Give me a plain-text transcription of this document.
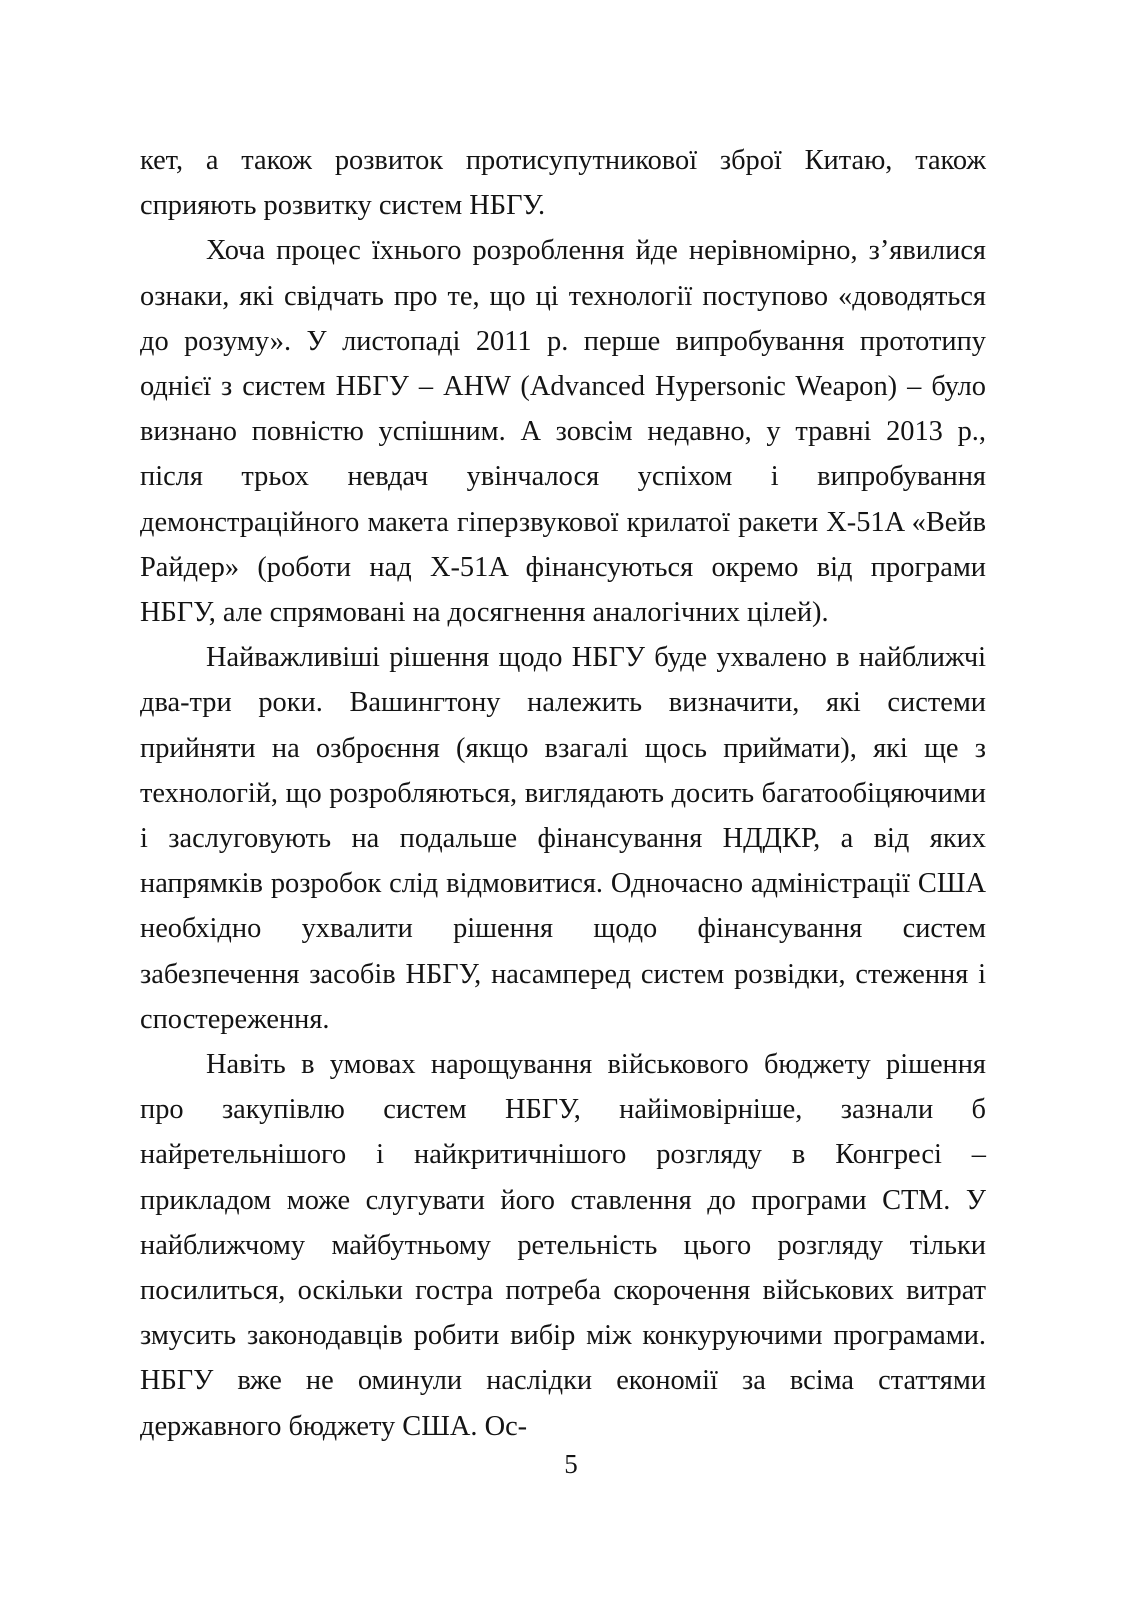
кет, а також розвиток протисупутникової зброї Китаю, також сприяють розвитку систем НБГУ.

Хоча процес їхнього розроблення йде нерівномірно, з’явилися ознаки, які свідчать про те, що ці технології поступово «доводяться до розуму». У листопаді 2011 р. перше випробування прототипу однієї з систем НБГУ – AHW (Advanced Hypersonic Weapon) – було визнано повністю успішним. А зовсім недавно, у травні 2013 р., після трьох невдач увінчалося успіхом і випробування демонстраційного макета гіперзвукової крилатої ракети X-51A «Вейв Райдер» (роботи над X-51A фінансуються окремо від програми НБГУ, але спрямовані на досягнення аналогічних цілей).

Найважливіші рішення щодо НБГУ буде ухвалено в найближчі два-три роки. Вашингтону належить визначити, які системи прийняти на озброєння (якщо взагалі щось приймати), які ще з технологій, що розробляються, виглядають досить багатообіцяючими і заслуговують на подальше фінансування НДДКР, а від яких напрямків розробок слід відмовитися. Одночасно адміністрації США необхідно ухвалити рішення щодо фінансування систем забезпечення засобів НБГУ, насамперед систем розвідки, стеження і спостереження.

Навіть в умовах нарощування військового бюджету рішення про закупівлю систем НБГУ, найімовірніше, зазнали б найретельнішого і найкритичнішого розгляду в Конгресі – прикладом може слугувати його ставлення до програми СТМ. У найближчому майбутньому ретельність цього розгляду тільки посилиться, оскільки гостра потреба скорочення військових витрат змусить законодавців робити вибір між конкуруючими програмами. НБГУ вже не оминули наслідки економії за всіма статтями державного бюджету США. Ос-

5
